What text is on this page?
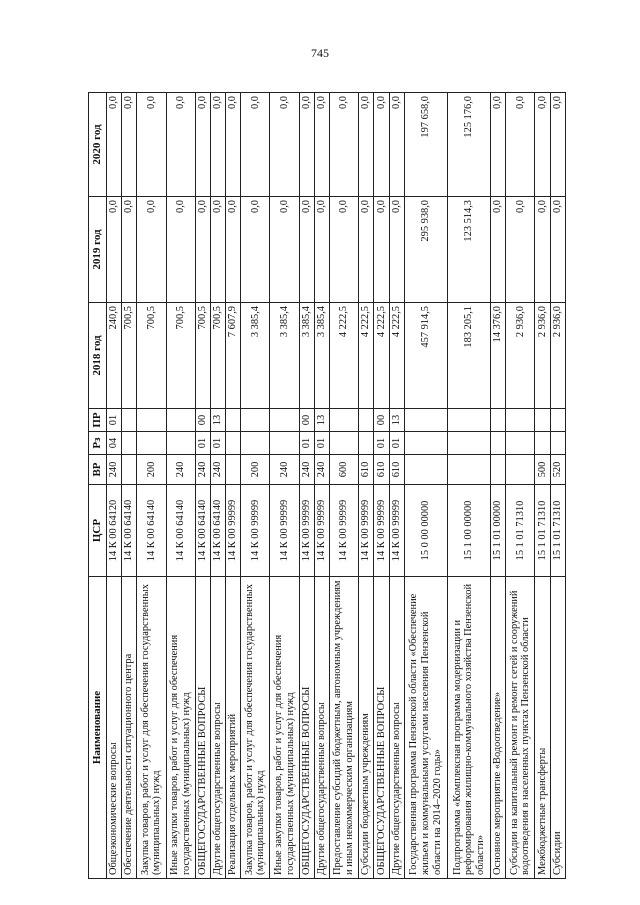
745
Наименование	ЦСР	ВР	Рз	ПР	2018 год	2019 год	2020 год
Общеэкономические вопросы	14 К 00 64120	240	04	01	240,0	0,0	0,0
Обеспечение деятельности ситуационного центра	14 К 00 64140				700,5	0,0	0,0
Закупка товаров, работ и услуг для обеспечения государственных (муниципальных) нужд	14 К 00 64140	200			700,5	0,0	0,0
Иные закупки товаров, работ и услуг для обеспечения государственных (муниципальных) нужд	14 К 00 64140	240			700,5	0,0	0,0
ОБЩЕГОСУДАРСТВЕННЫЕ ВОПРОСЫ	14 К 00 64140	240	01	00	700,5	0,0	0,0
Другие общегосударственные вопросы	14 К 00 64140	240	01	13	700,5	0,0	0,0
Реализация отдельных мероприятий	14 К 00 99999				7 607,9	0,0	0,0
Закупка товаров, работ и услуг для обеспечения государственных (муниципальных) нужд	14 К 00 99999	200			3 385,4	0,0	0,0
Иные закупки товаров, работ и услуг для обеспечения государственных (муниципальных) нужд	14 К 00 99999	240			3 385,4	0,0	0,0
ОБЩЕГОСУДАРСТВЕННЫЕ ВОПРОСЫ	14 К 00 99999	240	01	00	3 385,4	0,0	0,0
Другие общегосударственные вопросы	14 К 00 99999	240	01	13	3 385,4	0,0	0,0
Предоставление субсидий бюджетным, автономным учреждениям и иным некоммерческим организациям	14 К 00 99999	600			4 222,5	0,0	0,0
Субсидии бюджетным учреждениям	14 К 00 99999	610			4 222,5	0,0	0,0
ОБЩЕГОСУДАРСТВЕННЫЕ ВОПРОСЫ	14 К 00 99999	610	01	00	4 222,5	0,0	0,0
Другие общегосударственные вопросы	14 К 00 99999	610	01	13	4 222,5	0,0	0,0
Государственная программа Пензенской области «Обеспечение жильем и коммунальными услугами населения Пензенской области на 2014–2020 годы»	15 0 00 00000				457 914,5	295 938,0	197 658,0
Подпрограмма «Комплексная программа модернизации и реформирования жилищно-коммунального хозяйства Пензенской области»	15 1 00 00000				183 205,1	123 514,3	125 176,0
Основное мероприятие «Водоотведение»	15 1 01 00000				14 376,0	0,0	0,0
Субсидии на капитальный ремонт и ремонт сетей и сооружений водоотведения в населенных пунктах Пензенской области	15 1 01 71310				2 936,0	0,0	0,0
Межбюджетные трансферты	15 1 01 71310	500			2 936,0	0,0	0,0
Субсидии	15 1 01 71310	520			2 936,0	0,0	0,0
